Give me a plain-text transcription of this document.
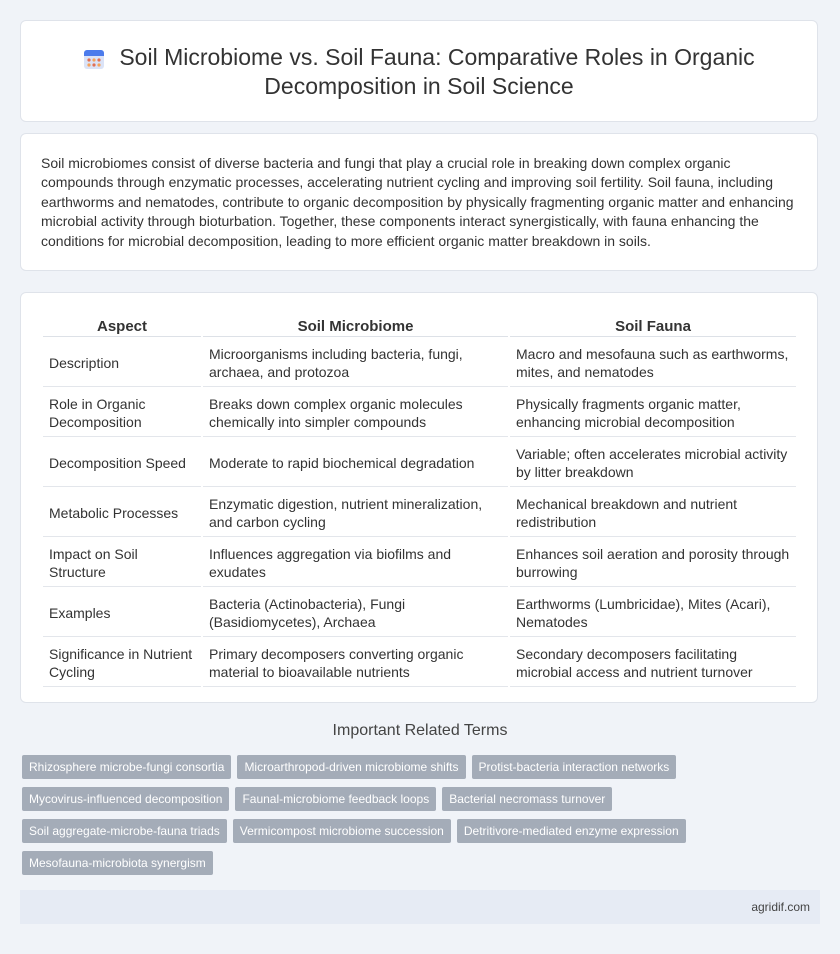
Soil Microbiome vs. Soil Fauna: Comparative Roles in Organic Decomposition in Soil Science

Soil microbiomes consist of diverse bacteria and fungi that play a crucial role in breaking down complex organic compounds through enzymatic processes, accelerating nutrient cycling and improving soil fertility. Soil fauna, including earthworms and nematodes, contribute to organic decomposition by physically fragmenting organic matter and enhancing microbial activity through bioturbation. Together, these components interact synergistically, with fauna enhancing the conditions for microbial decomposition, leading to more efficient organic matter breakdown in soils.

Aspect	Soil Microbiome	Soil Fauna
Description	Microorganisms including bacteria, fungi, archaea, and protozoa	Macro and mesofauna such as earthworms, mites, and nematodes
Role in Organic Decomposition	Breaks down complex organic molecules chemically into simpler compounds	Physically fragments organic matter, enhancing microbial decomposition
Decomposition Speed	Moderate to rapid biochemical degradation	Variable; often accelerates microbial activity by litter breakdown
Metabolic Processes	Enzymatic digestion, nutrient mineralization, and carbon cycling	Mechanical breakdown and nutrient redistribution
Impact on Soil Structure	Influences aggregation via biofilms and exudates	Enhances soil aeration and porosity through burrowing
Examples	Bacteria (Actinobacteria), Fungi (Basidiomycetes), Archaea	Earthworms (Lumbricidae), Mites (Acari), Nematodes
Significance in Nutrient Cycling	Primary decomposers converting organic material to bioavailable nutrients	Secondary decomposers facilitating microbial access and nutrient turnover
Important Related Terms
Rhizosphere microbe-fungi consortia	Microarthropod-driven microbiome shifts	Protist-bacteria interaction networks
Mycovirus-influenced decomposition	Faunal-microbiome feedback loops	Bacterial necromass turnover
Soil aggregate-microbe-fauna triads	Vermicompost microbiome succession	Detritivore-mediated enzyme expression
Mesofauna-microbiota synergism
agridif.com
